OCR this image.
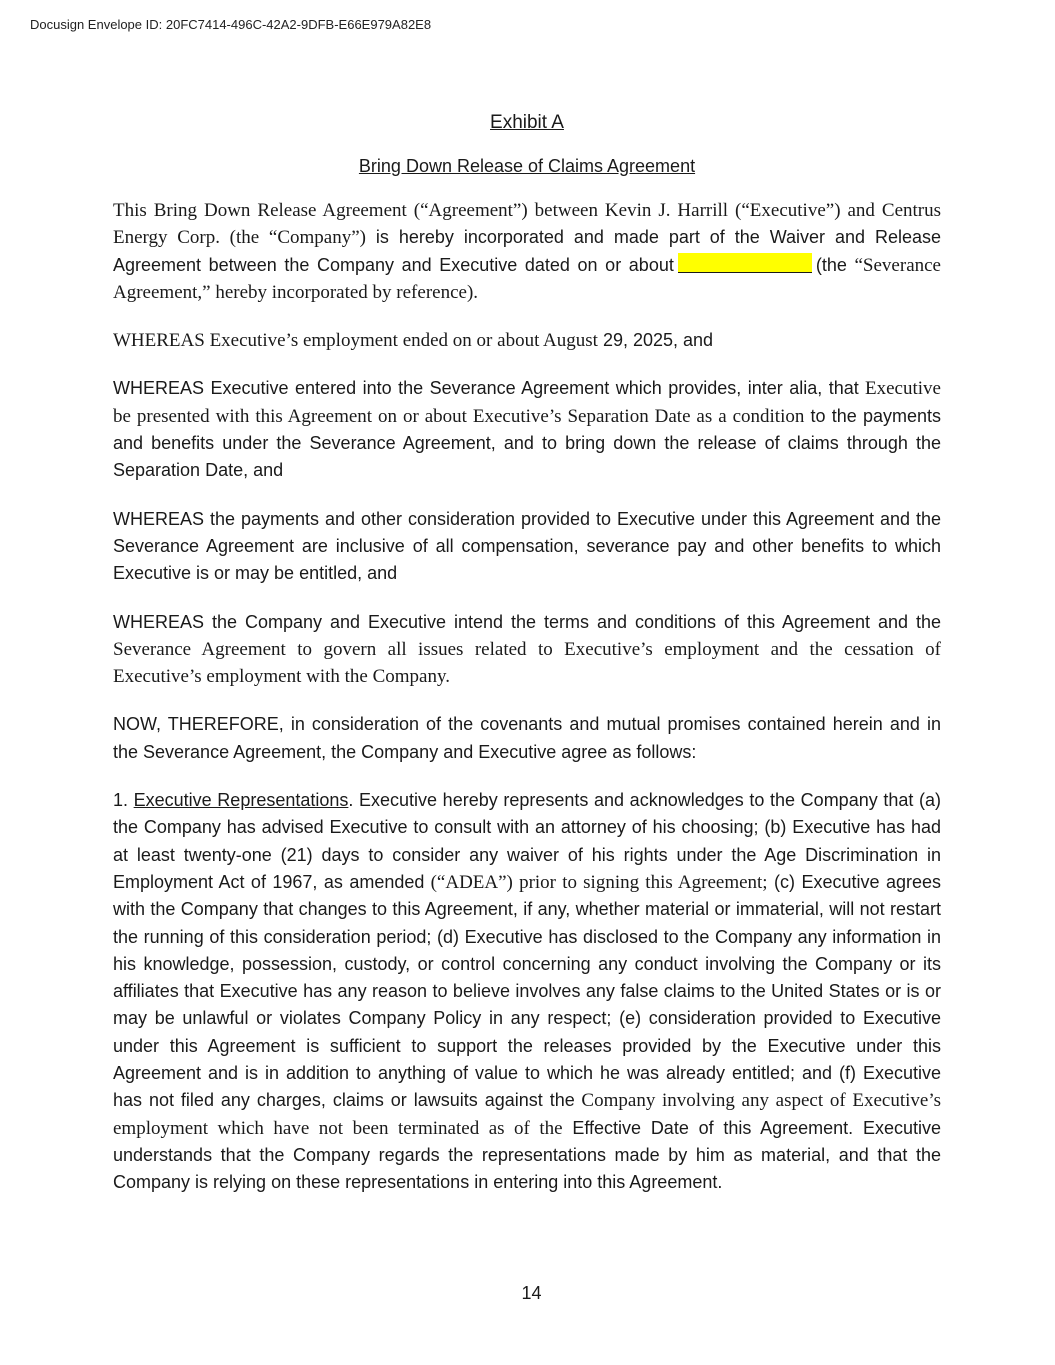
Docusign Envelope ID: 20FC7414-496C-42A2-9DFB-E66E979A82E8
Exhibit A
Bring Down Release of Claims Agreement

This Bring Down Release Agreement (“Agreement”) between Kevin J. Harrill (“Executive”) and Centrus Energy Corp. (the “Company”) is hereby incorporated and made part of the Waiver and Release Agreement between the Company and Executive dated on or about	(the “Severance Agreement,” hereby incorporated by reference).

WHEREAS Executive’s employment ended on or about August 29, 2025, and

WHEREAS Executive entered into the Severance Agreement which provides, inter alia, that Executive be presented with this Agreement on or about Executive’s Separation Date as a condition to the payments and benefits under the Severance Agreement, and to bring down the release of claims through the Separation Date, and

WHEREAS the payments and other consideration provided to Executive under this Agreement and the Severance Agreement are inclusive of all compensation, severance pay and other benefits to which Executive is or may be entitled, and

WHEREAS the Company and Executive intend the terms and conditions of this Agreement and the Severance Agreement to govern all issues related to Executive’s employment and the cessation of Executive’s employment with the Company.

NOW, THEREFORE, in consideration of the covenants and mutual promises contained herein and in the Severance Agreement, the Company and Executive agree as follows:

1. Executive Representations. Executive hereby represents and acknowledges to the Company that (a) the Company has advised Executive to consult with an attorney of his choosing; (b) Executive has had at least twenty-one (21) days to consider any waiver of his rights under the Age Discrimination in Employment Act of 1967, as amended (“ADEA”) prior to signing this Agreement; (c) Executive agrees with the Company that changes to this Agreement, if any, whether material or immaterial, will not restart the running of this consideration period; (d) Executive has disclosed to the Company any information in his knowledge, possession, custody, or control concerning any conduct involving the Company or its affiliates that Executive has any reason to believe involves any false claims to the United States or is or may be unlawful or violates Company Policy in any respect; (e) consideration provided to Executive under this Agreement is sufficient to support the releases provided by the Executive under this Agreement and is in addition to anything of value to which he was already entitled; and (f) Executive has not filed any charges, claims or lawsuits against the Company involving any aspect of Executive’s employment which have not been terminated as of the Effective Date of this Agreement. Executive understands that the Company regards the representations made by him as material, and that the Company is relying on these representations in entering into this Agreement.

14
